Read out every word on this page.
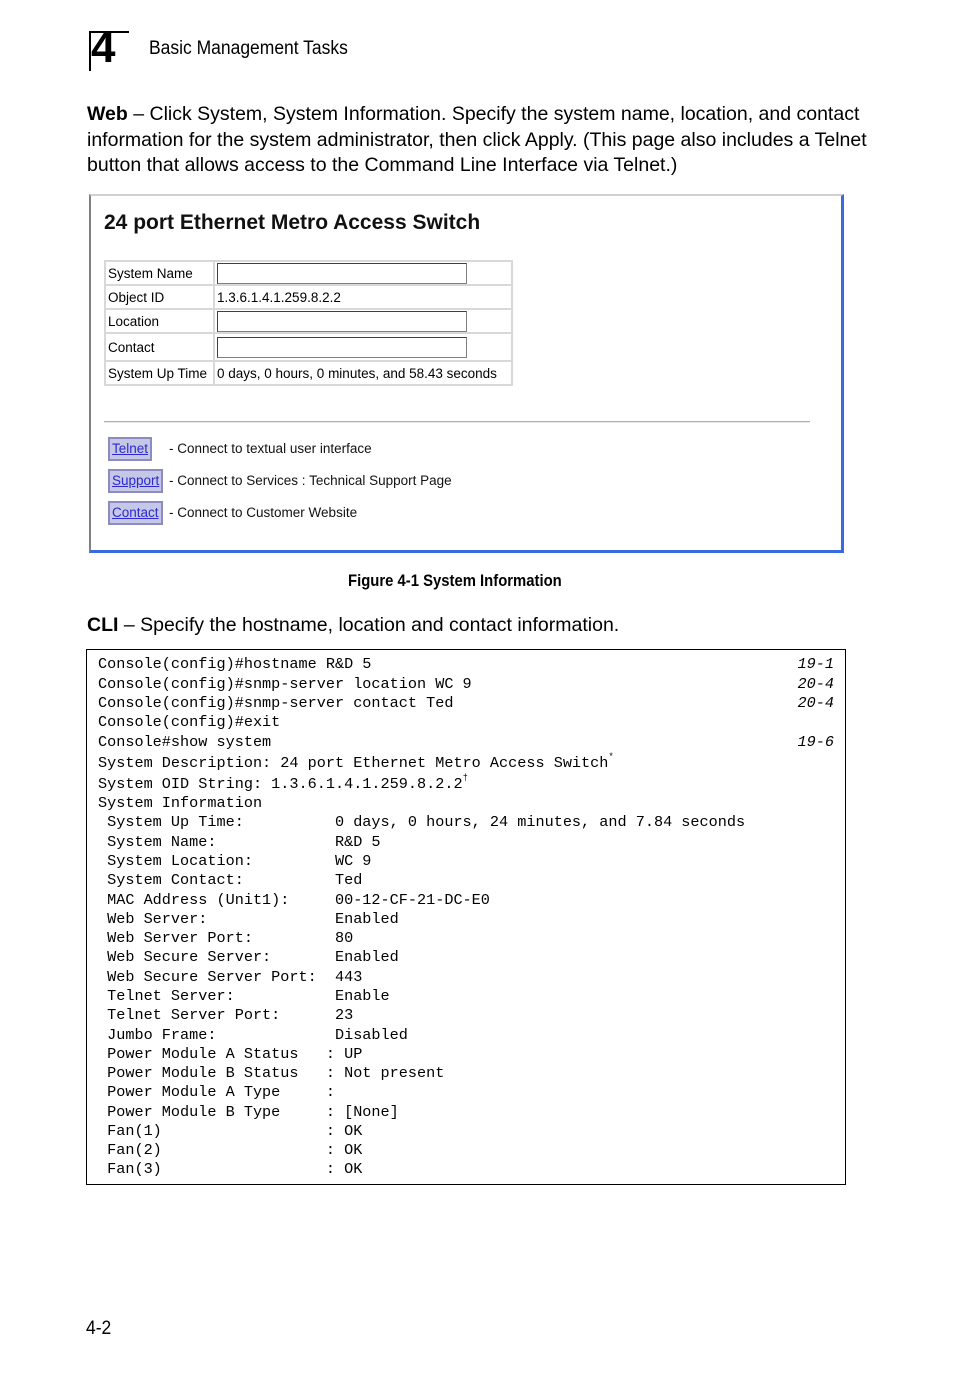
4 Basic Management Tasks
Web – Click System, System Information. Specify the system name, location, and contact information for the system administrator, then click Apply. (This page also includes a Telnet button that allows access to the Command Line Interface via Telnet.)
24 port Ethernet Metro Access Switch
System Name	
Object ID	1.3.6.1.4.1.259.8.2.2
Location	
Contact	
System Up Time	0 days, 0 hours, 0 minutes, and 58.43 seconds
Telnet - Connect to textual user interface
Support - Connect to Services : Technical Support Page
Contact - Connect to Customer Website
Figure 4-1 System Information
CLI – Specify the hostname, location and contact information.
Console(config)#hostname R&D 5	19-1
Console(config)#snmp-server location WC 9	20-4
Console(config)#snmp-server contact Ted	20-4
Console(config)#exit
Console#show system	19-6
System Description: 24 port Ethernet Metro Access Switch*
System OID String: 1.3.6.1.4.1.259.8.2.2†
System Information
System Up Time:          0 days, 0 hours, 24 minutes, and 7.84 seconds
System Name:             R&D 5
System Location:         WC 9
System Contact:          Ted
MAC Address (Unit1):     00-12-CF-21-DC-E0
Web Server:              Enabled
Web Server Port:         80
Web Secure Server:       Enabled
Web Secure Server Port:  443
Telnet Server:           Enable
Telnet Server Port:      23
Jumbo Frame:             Disabled
Power Module A Status   : UP
Power Module B Status   : Not present
Power Module A Type     :
Power Module B Type     : [None]
Fan(1)                  : OK
Fan(2)                  : OK
Fan(3)                  : OK
4-2
